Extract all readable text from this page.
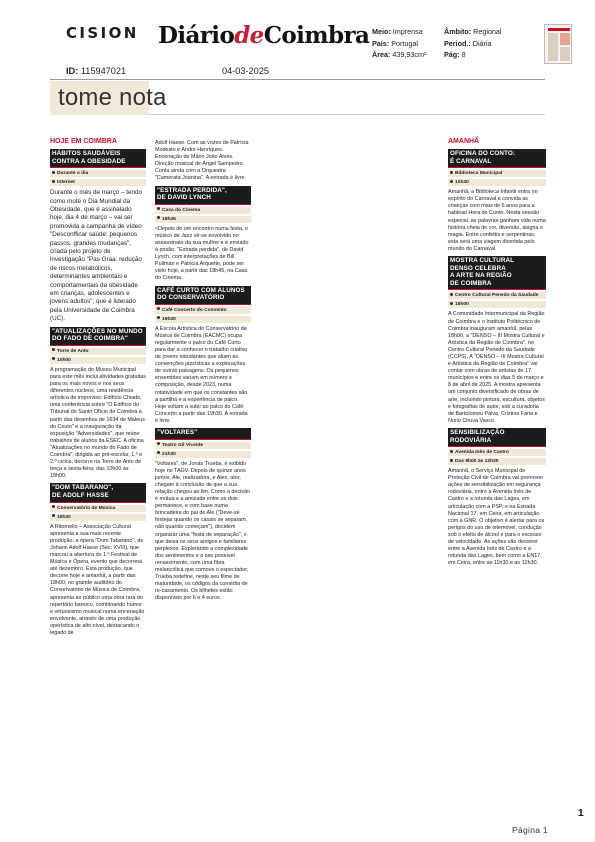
CISION DiáriodeCoimbra Meio: Imprensa
País: Portugal
Área: 439,93cm²
Âmbito: Regional
Period.: Diária
Pág: 8
ID: 115947021	04-03-2025
tome nota
HOJE EM COIMBRA
HÁBITOS SAUDÁVEIS
CONTRA A OBESIDADE
Durante o dia
Internet

Durante o mês de março – tendo como mote o Dia Mundial da Obesidade, que é assinalado hoje, dia 4 de março – vai ser promovida a campanha de vídeo "Desconfficar saúde: pequenos passos, grandes mudanças", criada pelo projeto de investigação "Pas Graa: redução de riscos metabólicos, determinantes ambientais e comportamentais da obesidade em crianças, adolescentes e jovens adultos", que é liderado pela Universidade de Coimbra (UC).

"ATUALIZAÇÕES NO MUNDO
DO FADO DE COIMBRA"
Torre de Anto
10h00

A programação do Museu Municipal para este mês inclui atividades gratuitas para os mais novos e nos seus diferentes núcleos, uma residência artística de improviso: Edifício Chiado, uma conferência sobre "O Edifício do Tribunal do Santo Ofício de Coimbra a partir das desenhos de 1634 de Mateus do Couto" e a inauguração da exposição "Adversidades", que reúne trabalhos de alunos da ESEC. A oficina "Atualizações no mundo do Fado de Coimbra", dirigida ao pré-escolar, 1.º e 2.º ciclos, decorre na Torre de Anto de terça a sexta-feira, das 10h00 às 18h00.

"DOM TABARANO",
DE ADOLF HASSE
Conservatório de Música
18h30

A Ritornello – Associação Cultural apresenta a sua mais recente produção, a ópera "Dom Tabarano", de Johann Adolf Hasse (Séc. XVIII), que marcou a abertura do 1.º Festival de Música e Ópera, evento que decorrerá até dezembro. Esta produção, que decorre hoje e amanhã, a partir das 18h00, no grande auditório do Conservatório de Música de Coimbra, apresenta ao público uma obra rara do repertório barroco, combinando humor e virtuosismo musical numa encenação envolvente, através de uma produção operística de alto nível, destacando o legado de

Adolf Hasse. Com as vozes de Patrícia Modesto e André Henriques. Encenação de Mário João Alves. Direção musical de Ángel Sampedro. Conta ainda com a Orquestra "Camerata Joanina". A entrada é livre.

"ESTRADA PERDIDA",
DE DAVID LYNCH
Casa do Cinema
18h45

«Depois de um encontro numa festa, o músico de Jazz vê-se envolvido no assassinato da sua mulher e é enviado à prisão. "Estrada perdida", de David Lynch, com interpretações de Bill Pullman e Patricia Arquette, pode ser visto hoje, a partir das 18h45, na Casa do Cinema.

CAFÉ CURTO COM ALUNOS
DO CONSERVATÓRIO
Café Concerto do Convento
19h30

A Escola Artística do Conservatório de Música de Coimbra (EACMC) ocupa regularmente o palco do Café Curto para dar a conhecer o trabalho criativo de jovens estudantes que aliam as convenções jazzísticas a explorações de outras paisagens. Os pequenos ensembles variam em número e composição, desde 2023, numa rotatividade em que os constantes são a partilha e a experiência de palco. Hoje voltam a subir ao palco do Café Concerto a partir das 19h30. A entrada é livre.

"VOLTARES"
Teatro Gil Vicente
21h30

"Voltares", de Jonás Trueba, é exibido hoje no TAGV. Depois de quinze anos juntos, Ale, realizadora, e Alex, ator, chegam à conclusão de que a sua relação chegou ao fim. Como a decisão é mútua e a amizade entre os dois permanece, e com base numa brincadeira do pai de Ale ("Deve-se festejar quando os casais se separam, não quando começam"), decidem organizar uma "festa de separação", o que deixa os seus amigos e familiares perplexos. Explorando a complexidade dos sentimentos e o seu possível renascimento, com uma fibra melancólica que comove o espectador, Trueba redefine, neste seu filme de maturidade, os códigos da comédia de re-casamento. Os bilhetes estão disponíveis por 6 e 4 euros.

AMANHÃ
OFICINA DO CONTO:
É CARNAVAL
Biblioteca Municipal
10h30

Amanhã, a Biblioteca Infantil entra no espírito do Carnaval e convida as crianças com mais de 6 anos para a habitual Hora do Conto. Nesta sessão especial, as palavras ganham vida numa história cheia de cor, diversão, alegria e magia. Entre confettis e serpentinas, esta será uma viagem divertida pelo mundo do Carnaval.

MOSTRA CULTURAL
DENSO CELEBRA
A ARTE NA REGIÃO
DE COIMBRA
Centro Cultural Penedo da Saudade
18h00

A Comunidade Intermunicipal da Região de Coimbra e o Instituto Politécnico de Coimbra inauguram amanhã, pelas 18h00, a "DENSO – III Mostra Cultural e Artística da Região de Coimbra", no Centro Cultural Penedo da Saudade (CCPS). A "DENSO – III Mostra Cultural e Artística da Região de Coimbra" vai contar com obras de artistas de 17 municípios e entre os dias 5 de março e 8 de abril de 2025. A mostra apresenta um conjunto diversificado de obras de arte, incluindo pintura, escultura, objetos e fotografias de autor, sob a curadoria de Bartolomeu Paiva, Cristina Faria e Nuno Chuva Vasco.

SENSIBILIZAÇÃO
RODOVIÁRIA
Avenida Inês de Castro
Das 9h00 às 12h30

Amanhã, o Serviço Municipal de Proteção Civil de Coimbra vai promover ações de sensibilização em segurança rodoviária, entre a Avenida Inês de Castro e a rotunda das Lages, em articulação com a PSP, e na Estrada Nacional 17, em Ceira, em articulação com a GNR. O objetivo é alertar para os perigos do uso de telemóvel, condução sob o efeito de álcool e para o excesso de velocidade. As ações vão decorrer entre a Avenida Inês de Castro e a rotunda das Lages, bem como a EN17, em Ceira, entre as 11h30 e as 12h30.

1
Página 1
